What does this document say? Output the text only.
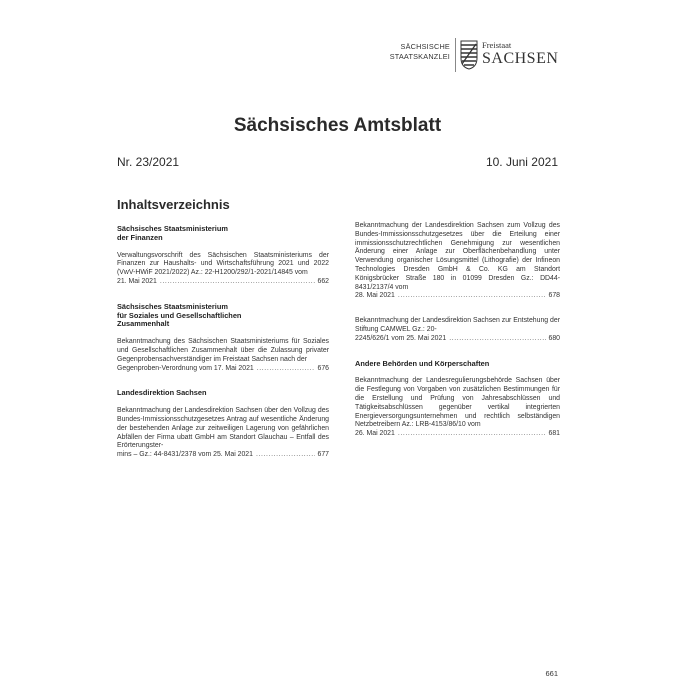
SÄCHSISCHE
STAATSKANZLEI
Freistaat
SACHSEN
Sächsisches Amtsblatt
Nr. 23/2021	10. Juni 2021
Inhaltsverzeichnis
Sächsisches Staatsministerium
der Finanzen
Verwaltungsvorschrift des Sächsischen Staatsministeriums der Finanzen zur Haushalts- und Wirtschaftsführung 2021 und 2022 (VwV-HWiF 2021/2022) Az.: 22-H1200/292/1-2021/14845 vom
21. Mai 2021 .....	662
Sächsisches Staatsministerium
für Soziales und Gesellschaftlichen
Zusammenhalt
Bekanntmachung des Sächsischen Staatsministeriums für Soziales und Gesellschaftlichen Zusammenhalt über die Zulassung privater Gegenprobensachverständiger im Freistaat Sachsen nach der
Gegenproben-Verordnung vom 17. Mai 2021 .....	676
Landesdirektion Sachsen
Bekanntmachung der Landesdirektion Sachsen über den Vollzug des Bundes-Immissionsschutzgesetzes Antrag auf wesentliche Änderung der bestehenden Anlage zur zeitweiligen Lagerung von gefährlichen Abfällen der Firma ubatt GmbH am Standort Glauchau – Entfall des Erörterungster-
mins – Gz.: 44-8431/2378 vom 25. Mai 2021 .....	677
Bekanntmachung der Landesdirektion Sachsen zum Vollzug des Bundes-Immissionsschutzgesetzes über die Erteilung einer immissionsschutzrechtlichen Genehmigung zur wesentlichen Änderung einer Anlage zur Oberflächenbehandlung unter Verwendung organischer Lösungsmittel (Lithografie) der Infineon Technologies Dresden GmbH & Co. KG am Standort Königsbrücker Straße 180 in 01099 Dresden Gz.: DD44-8431/2137/4 vom
28. Mai 2021 .....	678
Bekanntmachung der Landesdirektion Sachsen zur Entstehung der Stiftung CAMWEL Gz.: 20-
2245/626/1 vom 25. Mai 2021 .....	680
Andere Behörden und Körperschaften
Bekanntmachung der Landesregulierungsbehörde Sachsen über die Festlegung von Vorgaben von zusätzlichen Bestimmungen für die Erstellung und Prüfung von Jahresabschlüssen und Tätigkeitsabschlüssen gegenüber vertikal integrierten Energieversorgungsunternehmen und rechtlich selbständigen Netzbetreibern Az.: LRB-4153/86/10 vom
26. Mai 2021 .....	681
661
